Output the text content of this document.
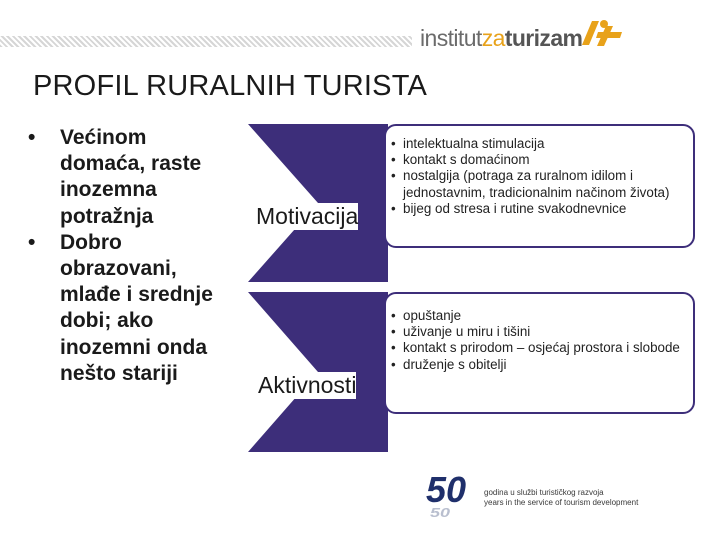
institutzaturizam
PROFIL RURALNIH TURISTA
• Većinom domaća, raste inozemna potražnja
• Dobro obrazovani, mlađe i srednje dobi; ako inozemni onda nešto stariji
• intelektualna stimulacija
• kontakt s domaćinom
• nostalgija (potraga za ruralnom idilom i jednostavnim, tradicionalnim načinom života)
• bijeg od stresa i rutine svakodnevnice
Motivacija
• opuštanje
• uživanje u miru i tišini
• kontakt s prirodom – osjećaj prostora i slobode
• druženje s obitelji
Aktivnosti
50
50
godina u službi turističkog razvoja
years in the service of tourism development
